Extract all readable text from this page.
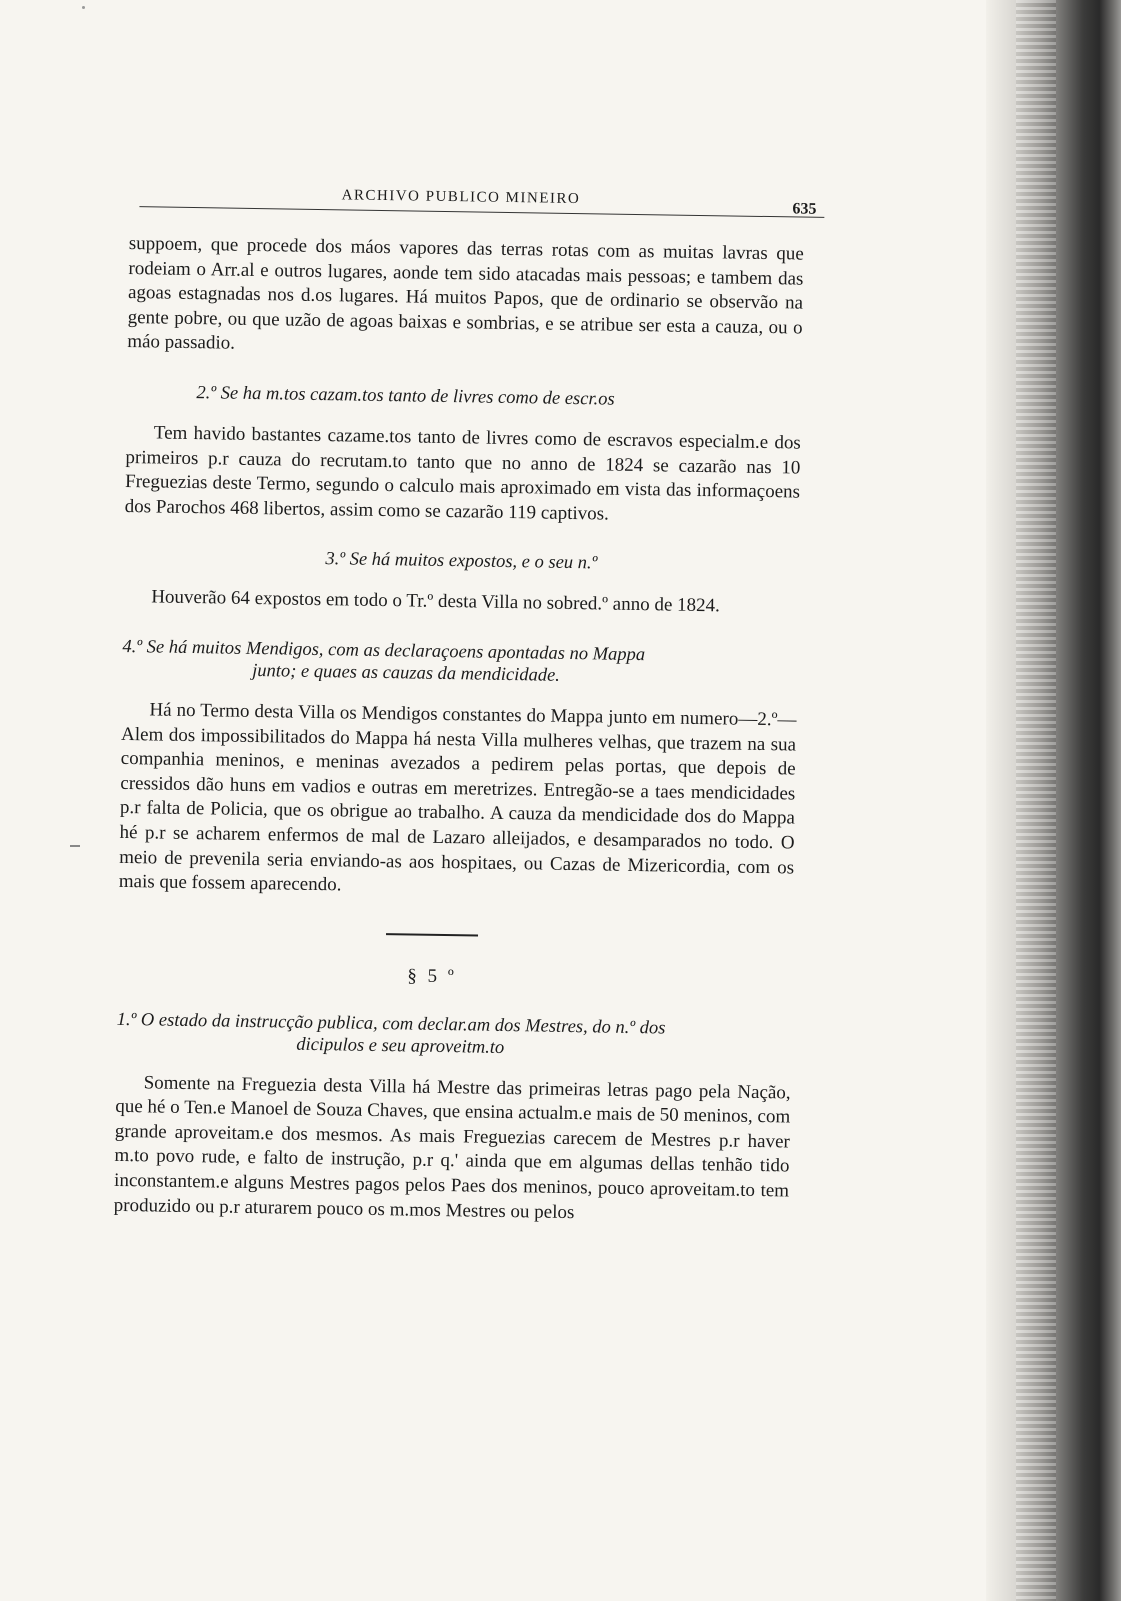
ARCHIVO PUBLICO MINEIRO
635

suppoem, que procede dos máos vapores das terras rotas com as muitas lavras que rodeiam o Arr.al e outros lugares, aonde tem sido atacadas mais pessoas; e tambem das agoas estagnadas nos d.os lugares. Há muitos Papos, que de ordinario se observão na gente pobre, ou que uzão de agoas baixas e sombrias, e se atribue ser esta a cauza, ou o máo passadio.

2.º Se ha m.tos cazam.tos tanto de livres como de escr.os

Tem havido bastantes cazame.tos tanto de livres como de escravos especialm.e dos primeiros p.r cauza do recrutam.to tanto que no anno de 1824 se cazarão nas 10 Freguezias deste Termo, segundo o calculo mais aproximado em vista das informaçoens dos Parochos 468 libertos, assim como se cazarão 119 captivos.

3.º Se há muitos expostos, e o seu n.º

Houverão 64 expostos em todo o Tr.º desta Villa no sobred.º anno de 1824.

4.º Se há muitos Mendigos, com as declaraçoens apontadas no Mappa
junto; e quaes as cauzas da mendicidade.

Há no Termo desta Villa os Mendigos constantes do Mappa junto em numero—2.º—Alem dos impossibilitados do Mappa há nesta Villa mulheres velhas, que trazem na sua companhia meninos, e meninas avezados a pedirem pelas portas, que depois de cressidos dão huns em vadios e outras em meretrizes. Entregão-se a taes mendicidades p.r falta de Policia, que os obrigue ao trabalho. A cauza da mendicidade dos do Mappa hé p.r se acharem enfermos de mal de Lazaro alleijados, e desamparados no todo. O meio de prevenila seria enviando-as aos hospitaes, ou Cazas de Mizericordia, com os mais que fossem aparecendo.

§ 5 º

1.º O estado da instrucção publica, com declar.am dos Mestres, do n.º dos
dicipulos e seu aproveitm.to

Somente na Freguezia desta Villa há Mestre das primeiras letras pago pela Nação, que hé o Ten.e Manoel de Souza Chaves, que ensina actualm.e mais de 50 meninos, com grande aproveitam.e dos mesmos. As mais Freguezias carecem de Mestres p.r haver m.to povo rude, e falto de instrução, p.r q.' ainda que em algumas dellas tenhão tido inconstantem.e alguns Mestres pagos pelos Paes dos meninos, pouco aproveitam.to tem produzido ou p.r aturarem pouco os m.mos Mestres ou pelos
